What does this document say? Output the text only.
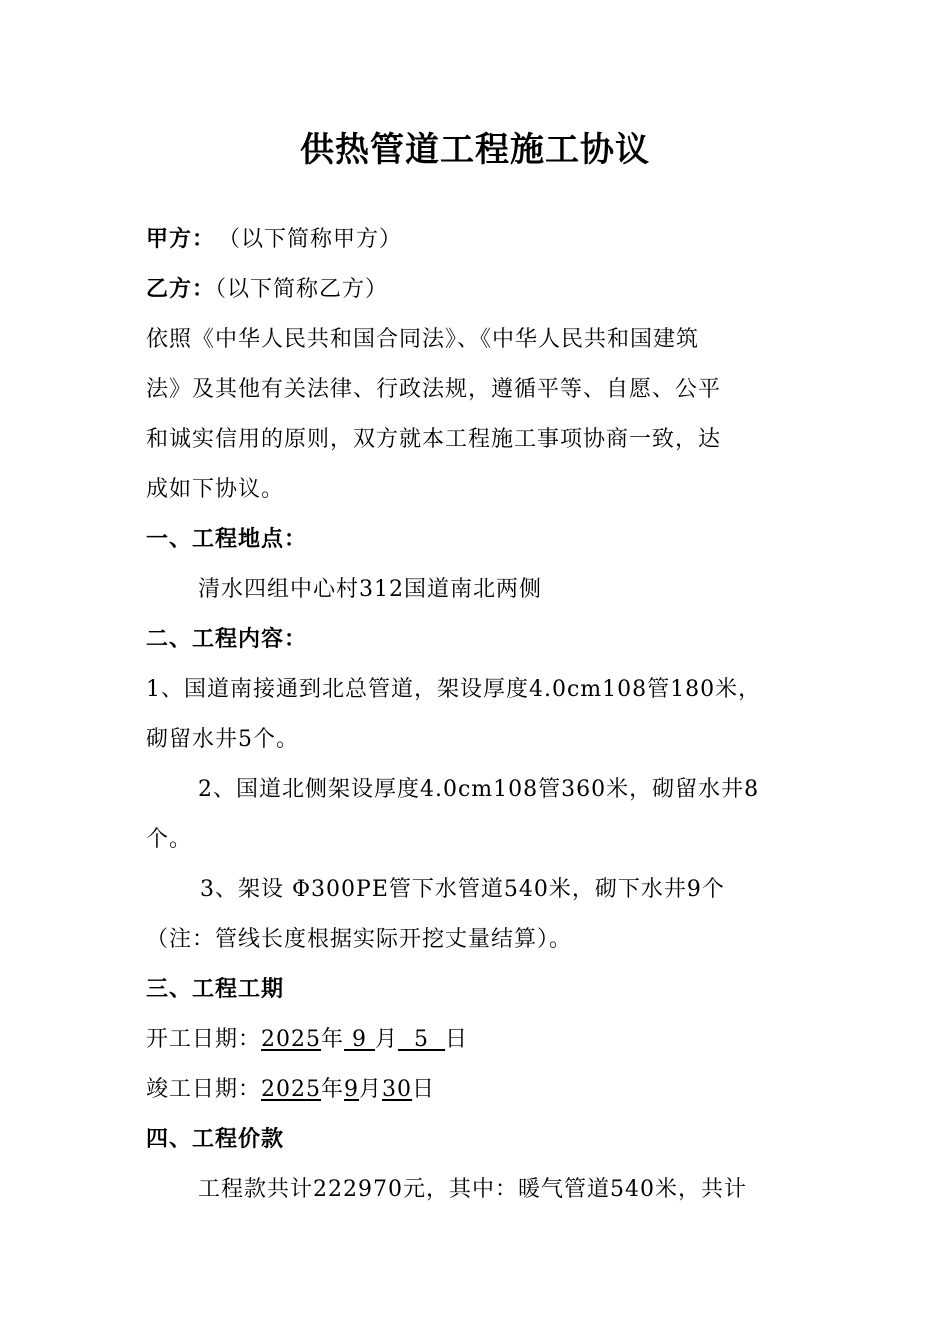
供热管道工程施工协议
甲方： （以下简称甲方）
乙方：（以下简称乙方）
依照《中华人民共和国合同法》、《中华人民共和国建筑
法》及其他有关法律、行政法规，遵循平等、自愿、公平
和诚实信用的原则，双方就本工程施工事项协商一致，达
成如下协议。
一、工程地点：
清水四组中心村312国道南北两侧
二、工程内容：
1、国道南接通到北总管道，架设厚度4.0cm108管180米，
砌留水井5个。
2、国道北侧架设厚度4.0cm108管360米，砌留水井8
个。
3、架设 Φ300PE管下水管道540米，砌下水井9个
（注：管线长度根据实际开挖丈量结算）。
三、工程工期
开工日期：2025年 9 月 5 日
竣工日期：2025年9月30日
四、工程价款
工程款共计222970元，其中：暖气管道540米，共计
